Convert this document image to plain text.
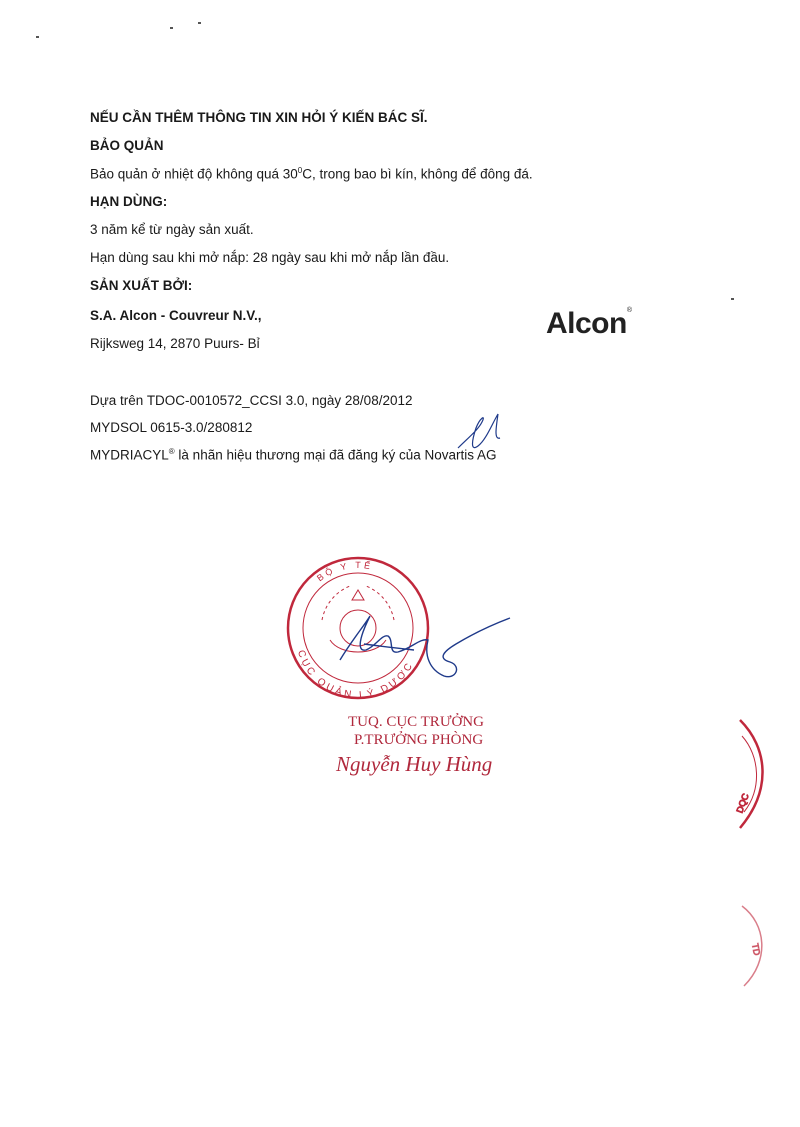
NẾU CẦN THÊM THÔNG TIN XIN HỎI Ý KIẾN BÁC SĨ.
BẢO QUẢN
Bảo quản ở nhiệt độ không quá $30^0C$, trong bao bì kín, không để đông đá.
HẠN DÙNG:
3 năm kể từ ngày sản xuất.
Hạn dùng sau khi mở nắp: 28 ngày sau khi mở nắp lần đầu.
SẢN XUẤT BỞI:
S.A. Alcon - Couvreur N.V.,
Rijksweg 14, 2870 Puurs- Bỉ
Alcon®
Dựa trên TDOC-0010572_CCSI 3.0, ngày 28/08/2012
MYDSOL 0615-3.0/280812
MYDRIACYL® là nhãn hiệu thương mại đã đăng ký của Novartis AG
BỘ Y TẾ
CỤC QUẢN LÝ DƯỢC
DQC
TD
TUQ. CỤC TRƯỞNG
P.TRƯỞNG PHÒNG
Nguyễn Huy Hùng
